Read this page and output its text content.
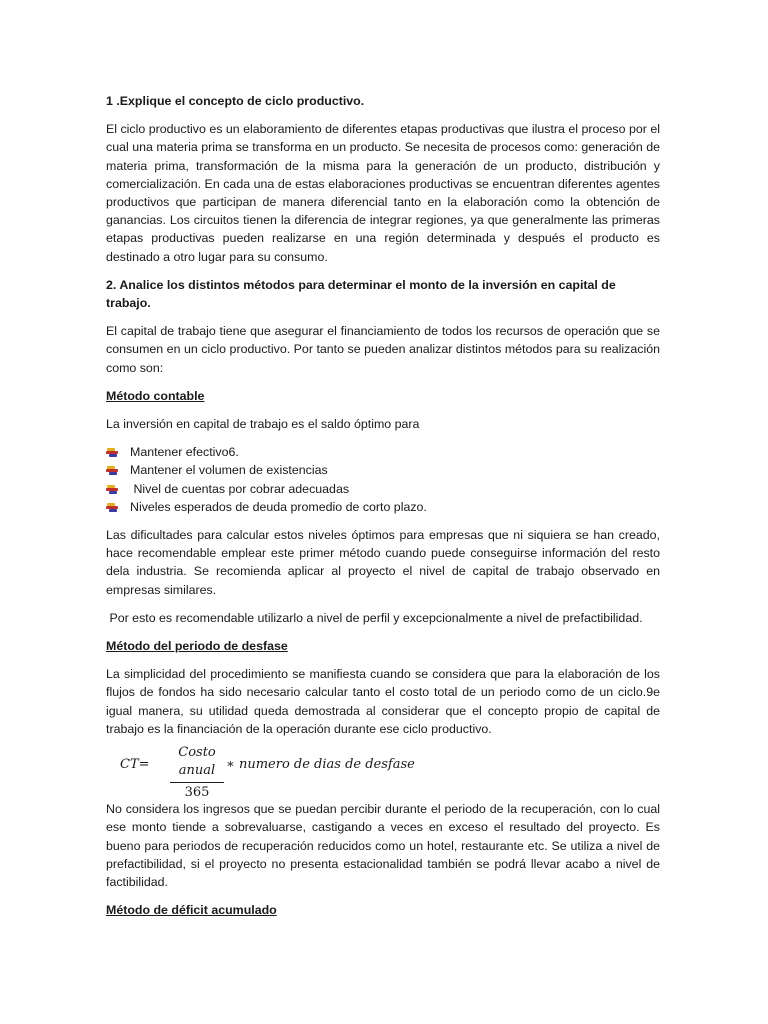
1 .Explique el concepto de ciclo productivo.

El ciclo productivo es un elaboramiento de diferentes etapas productivas que ilustra el proceso por el cual una materia prima se transforma en un producto. Se necesita de procesos como: generación de materia prima, transformación de la misma para la generación de un producto, distribución y comercialización. En cada una de estas elaboraciones productivas se encuentran diferentes agentes productivos que participan de manera diferencial tanto en la elaboración como la obtención de ganancias. Los circuitos tienen la diferencia de integrar regiones, ya que generalmente las primeras etapas productivas pueden realizarse en una región determinada y después el producto es destinado a otro lugar para su consumo.

2. Analice los distintos métodos para determinar el monto de la inversión en capital de trabajo.

El capital de trabajo tiene que asegurar el financiamiento de todos los recursos de operación que se consumen en un ciclo productivo. Por tanto se pueden analizar distintos métodos para su realización como son:

Método contable

La inversión en capital de trabajo es el saldo óptimo para

Mantener efectivo6.
Mantener el volumen de existencias
Nivel de cuentas por cobrar adecuadas
Niveles esperados de deuda promedio de corto plazo.

Las dificultades para calcular estos niveles óptimos para empresas que ni siquiera se han creado, hace recomendable emplear este primer método cuando puede conseguirse información del resto dela industria. Se recomienda aplicar al proyecto el nivel de capital de trabajo observado en empresas similares.

Por esto es recomendable utilizarlo a nivel de perfil y excepcionalmente a nivel de prefactibilidad.

Método del periodo de desfase

La simplicidad del procedimiento se manifiesta cuando se considera que para la elaboración de los flujos de fondos ha sido necesario calcular tanto el costo total de un periodo como de un ciclo.9e igual manera, su utilidad queda demostrada al considerar que el concepto propio de capital de trabajo es la financiación de la operación durante ese ciclo productivo.

CT=
Costo anual
365
∗ numero de dias de desfase

No considera los ingresos que se puedan percibir durante el periodo de la recuperación, con lo cual ese monto tiende a sobrevaluarse, castigando a veces en exceso el resultado del proyecto. Es bueno para periodos de recuperación reducidos como un hotel, restaurante etc. Se utiliza a nivel de prefactibilidad, si el proyecto no presenta estacionalidad también se podrá llevar acabo a nivel de factibilidad.

Método de déficit acumulado
